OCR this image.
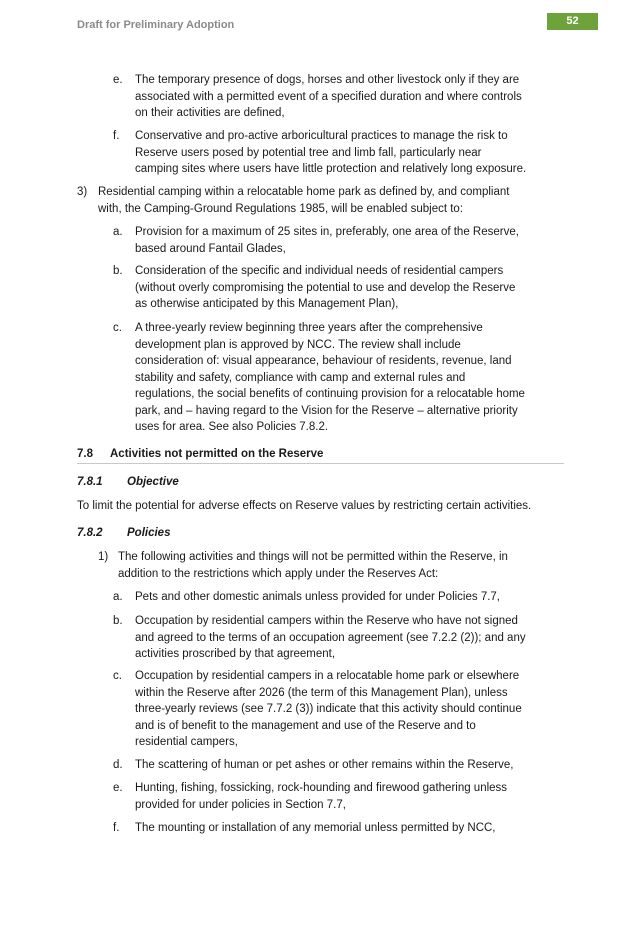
Draft for Preliminary Adoption	52
e. The temporary presence of dogs, horses and other livestock only if they are
associated with a permitted event of a specified duration and where controls
on their activities are defined,
f. Conservative and pro-active arboricultural practices to manage the risk to
Reserve users posed by potential tree and limb fall, particularly near
camping sites where users have little protection and relatively long exposure.
3) Residential camping within a relocatable home park as defined by, and compliant
with, the Camping-Ground Regulations 1985, will be enabled subject to:
a. Provision for a maximum of 25 sites in, preferably, one area of the Reserve,
based around Fantail Glades,
b. Consideration of the specific and individual needs of residential campers
(without overly compromising the potential to use and develop the Reserve
as otherwise anticipated by this Management Plan),
c. A three-yearly review beginning three years after the comprehensive
development plan is approved by NCC. The review shall include
consideration of: visual appearance, behaviour of residents, revenue, land
stability and safety, compliance with camp and external rules and
regulations, the social benefits of continuing provision for a relocatable home
park, and – having regard to the Vision for the Reserve – alternative priority
uses for area. See also Policies 7.8.2.
1) The following activities and things will not be permitted within the Reserve, in
addition to the restrictions which apply under the Reserves Act:
a. Pets and other domestic animals unless provided for under Policies 7.7,
b. Occupation by residential campers within the Reserve who have not signed
and agreed to the terms of an occupation agreement (see 7.2.2 (2)); and any
activities proscribed by that agreement,
c. Occupation by residential campers in a relocatable home park or elsewhere
within the Reserve after 2026 (the term of this Management Plan), unless
three-yearly reviews (see 7.7.2 (3)) indicate that this activity should continue
and is of benefit to the management and use of the Reserve and to
residential campers,
d. The scattering of human or pet ashes or other remains within the Reserve,
e. Hunting, fishing, fossicking, rock-hounding and firewood gathering unless
provided for under policies in Section 7.7,
f. The mounting or installation of any memorial unless permitted by NCC,
7.8 Activities not permitted on the Reserve

7.8.1 Objective

To limit the potential for adverse effects on Reserve values by restricting certain activities.
7.8.2 Policies
